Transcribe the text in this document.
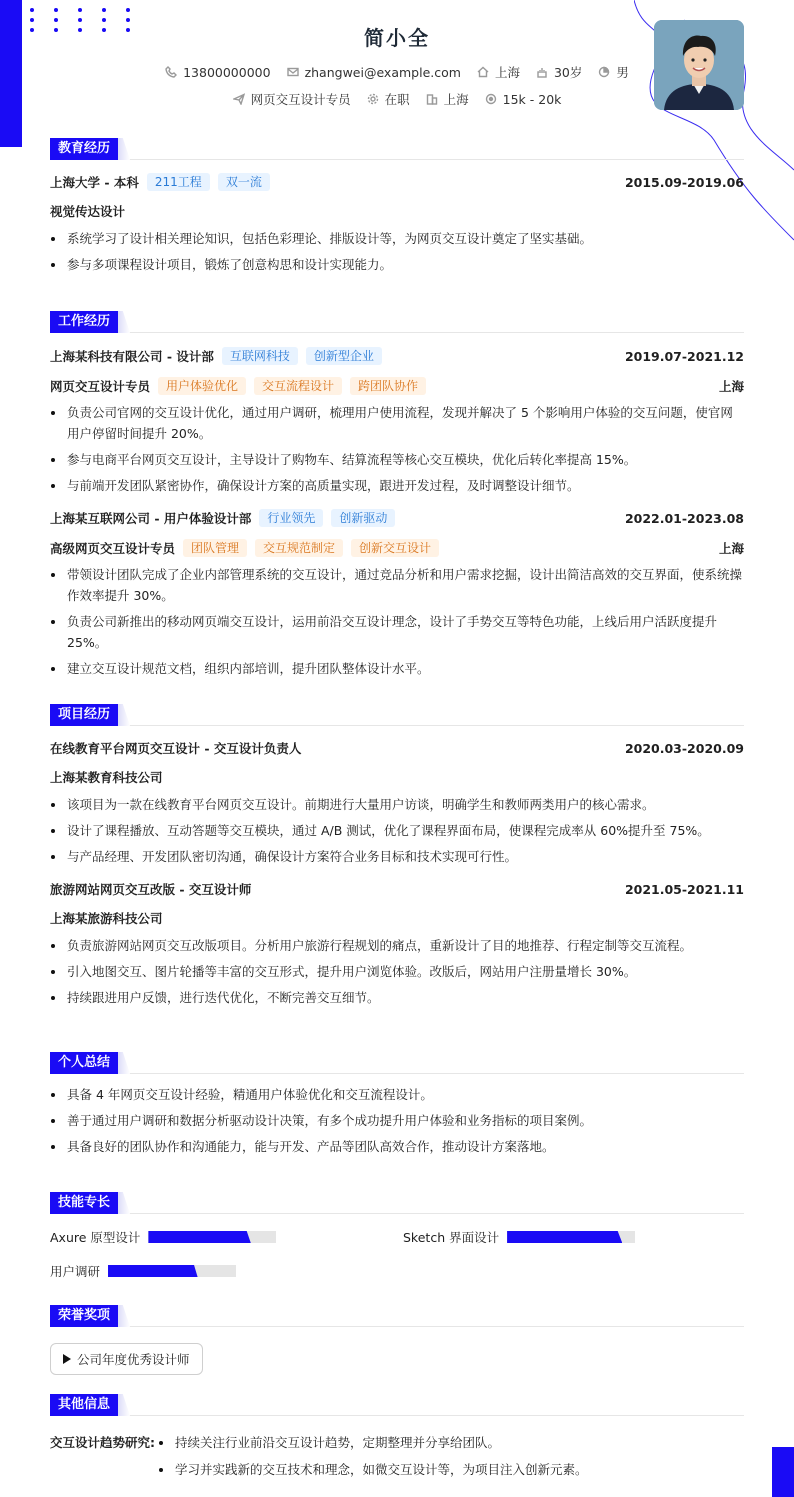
简小全
13800000000	zhangwei@example.com	上海	30岁	男
网页交互设计专员	在职	上海	15k - 20k
教育经历
上海大学 - 本科	211工程	双一流	2015.09-2019.06
视觉传达设计
系统学习了设计相关理论知识，包括色彩理论、排版设计等，为网页交互设计奠定了坚实基础。
参与多项课程设计项目，锻炼了创意构思和设计实现能力。
工作经历
上海某科技有限公司 - 设计部	互联网科技	创新型企业	2019.07-2021.12
网页交互设计专员	用户体验优化	交互流程设计	跨团队协作	上海
负责公司官网的交互设计优化，通过用户调研，梳理用户使用流程，发现并解决了 5 个影响用户体验的交互问题，使官网用户停留时间提升 20%。
参与电商平台网页交互设计，主导设计了购物车、结算流程等核心交互模块，优化后转化率提高 15%。
与前端开发团队紧密协作，确保设计方案的高质量实现，跟进开发过程，及时调整设计细节。
上海某互联网公司 - 用户体验设计部	行业领先	创新驱动	2022.01-2023.08
高级网页交互设计专员	团队管理	交互规范制定	创新交互设计	上海
带领设计团队完成了企业内部管理系统的交互设计，通过竞品分析和用户需求挖掘，设计出简洁高效的交互界面，使系统操作效率提升 30%。
负责公司新推出的移动网页端交互设计，运用前沿交互设计理念，设计了手势交互等特色功能，上线后用户活跃度提升 25%。
建立交互设计规范文档，组织内部培训，提升团队整体设计水平。
项目经历
在线教育平台网页交互设计 - 交互设计负责人	2020.03-2020.09
上海某教育科技公司
该项目为一款在线教育平台网页交互设计。前期进行大量用户访谈，明确学生和教师两类用户的核心需求。
设计了课程播放、互动答题等交互模块，通过 A/B 测试，优化了课程界面布局，使课程完成率从 60%提升至 75%。
与产品经理、开发团队密切沟通，确保设计方案符合业务目标和技术实现可行性。
旅游网站网页交互改版 - 交互设计师	2021.05-2021.11
上海某旅游科技公司
负责旅游网站网页交互改版项目。分析用户旅游行程规划的痛点，重新设计了目的地推荐、行程定制等交互流程。
引入地图交互、图片轮播等丰富的交互形式，提升用户浏览体验。改版后，网站用户注册量增长 30%。
持续跟进用户反馈，进行迭代优化，不断完善交互细节。
个人总结
具备 4 年网页交互设计经验，精通用户体验优化和交互流程设计。
善于通过用户调研和数据分析驱动设计决策，有多个成功提升用户体验和业务指标的项目案例。
具备良好的团队协作和沟通能力，能与开发、产品等团队高效合作，推动设计方案落地。
技能专长
Axure 原型设计	Sketch 界面设计
用户调研
荣誉奖项
公司年度优秀设计师
其他信息
交互设计趋势研究:	持续关注行业前沿交互设计趋势，定期整理并分享给团队。
学习并实践新的交互技术和理念，如微交互设计等，为项目注入创新元素。
